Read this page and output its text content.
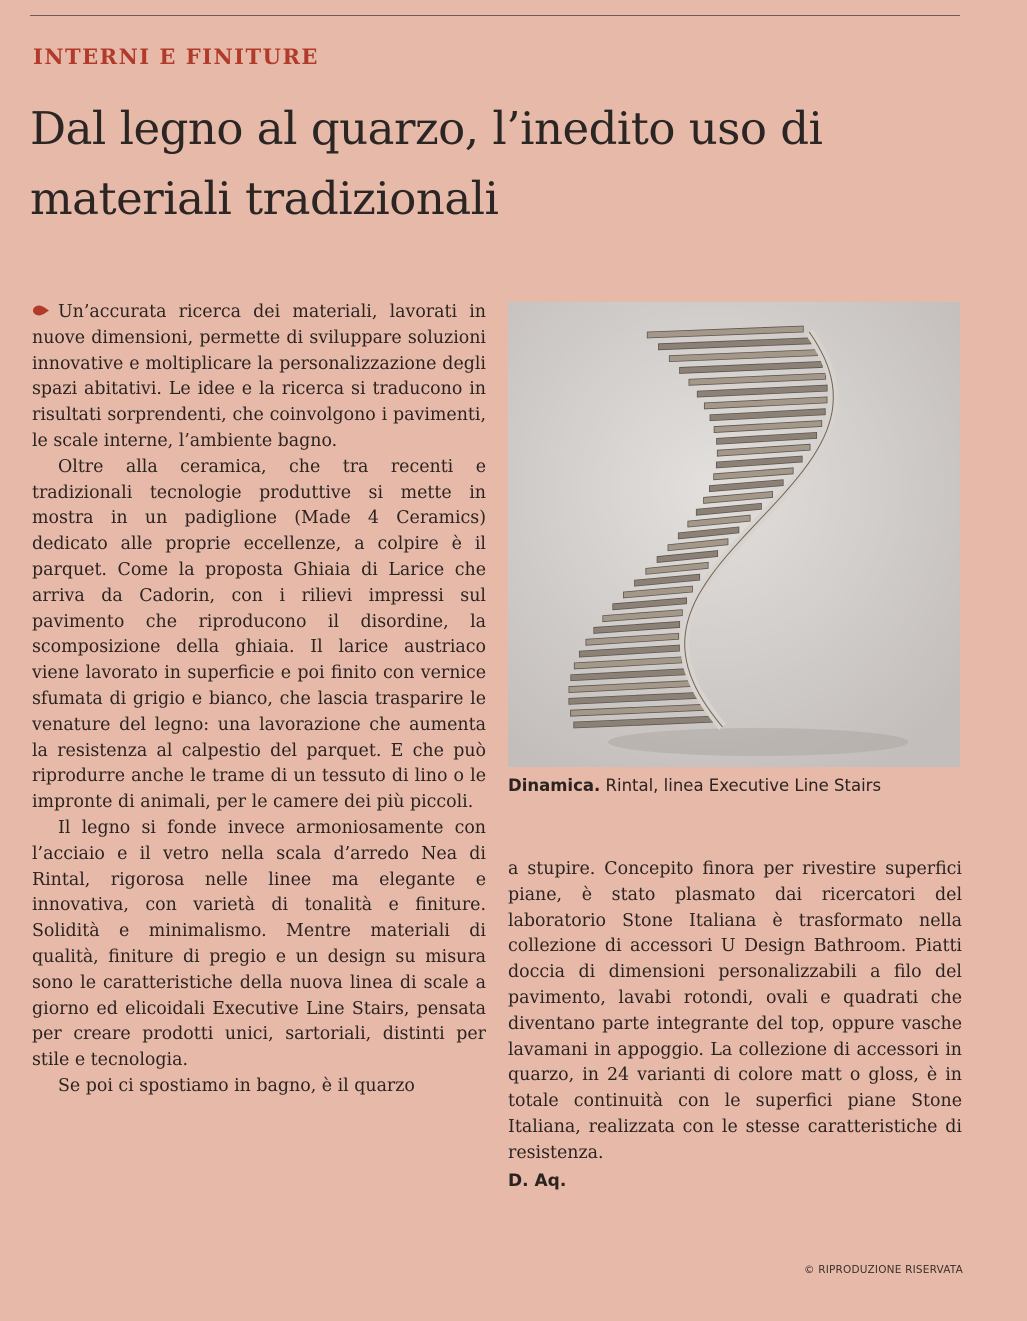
INTERNI E FINITURE
Dal legno al quarzo, l’inedito uso di materiali tradizionali

Un’accurata ricerca dei materiali, lavorati in nuove dimensioni, permette di sviluppare soluzioni innovative e moltiplicare la personalizzazione degli spazi abitativi. Le idee e la ricerca si traducono in risultati sorprendenti, che coinvolgono i pavimenti, le scale interne, l’ambiente bagno.

Oltre alla ceramica, che tra recenti e tradizionali tecnologie produttive si mette in mostra in un padiglione (Made 4 Ceramics) dedicato alle proprie eccellenze, a colpire è il parquet. Come la proposta Ghiaia di Larice che arriva da Cadorin, con i rilievi impressi sul pavimento che riproducono il disordine, la scomposizione della ghiaia. Il larice austriaco viene lavorato in superficie e poi finito con vernice sfumata di grigio e bianco, che lascia trasparire le venature del legno: una lavorazione che aumenta la resistenza al calpestio del parquet. E che può riprodurre anche le trame di un tessuto di lino o le impronte di animali, per le camere dei più piccoli.

Il legno si fonde invece armoniosamente con l’acciaio e il vetro nella scala d’arredo Nea di Rintal, rigorosa nelle linee ma elegante e innovativa, con varietà di tonalità e finiture. Solidità e minimalismo. Mentre materiali di qualità, finiture di pregio e un design su misura sono le caratteristiche della nuova linea di scale a giorno ed elicoidali Executive Line Stairs, pensata per creare prodotti unici, sartoriali, distinti per stile e tecnologia.

Se poi ci spostiamo in bagno, è il quarzo

Dinamica. Rintal, linea Executive Line Stairs

a stupire. Concepito finora per rivestire superfici piane, è stato plasmato dai ricercatori del laboratorio Stone Italiana è trasformato nella collezione di accessori U Design Bathroom. Piatti doccia di dimensioni personalizzabili a filo del pavimento, lavabi rotondi, ovali e quadrati che diventano parte integrante del top, oppure vasche lavamani in appoggio. La collezione di accessori in quarzo, in 24 varianti di colore matt o gloss, è in totale continuità con le superfici piane Stone Italiana, realizzata con le stesse caratteristiche di resistenza.

D. Aq.
© RIPRODUZIONE RISERVATA
